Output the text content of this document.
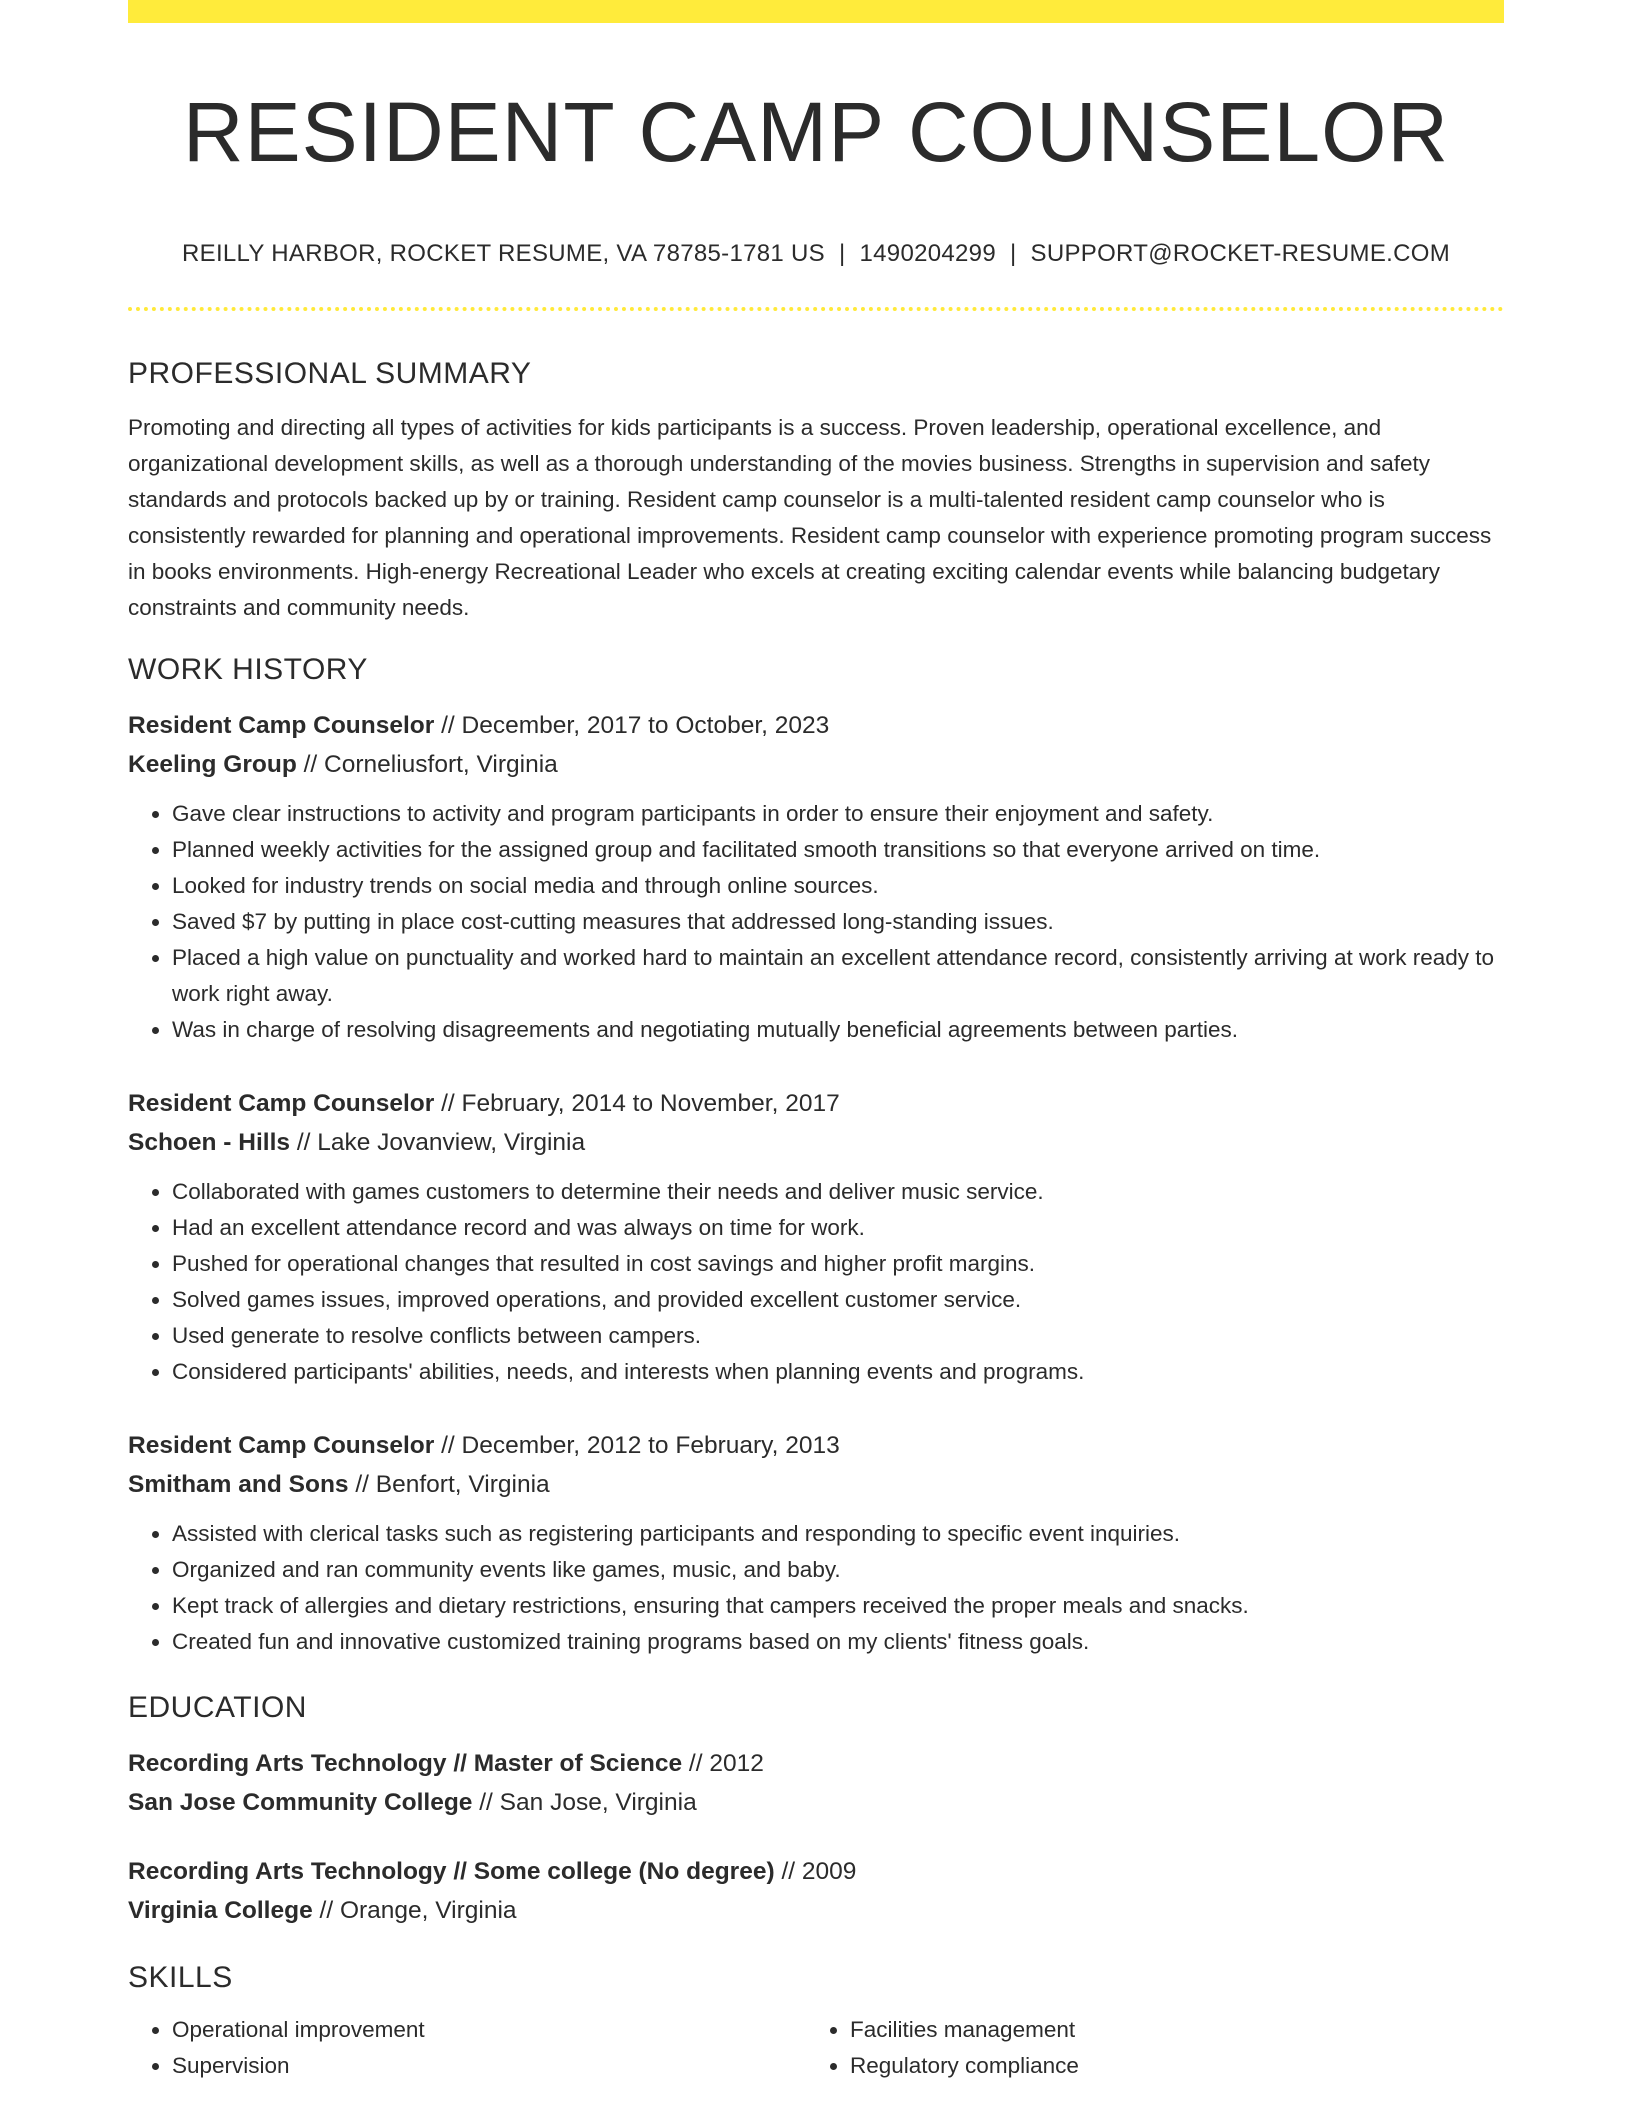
RESIDENT CAMP COUNSELOR
REILLY HARBOR, ROCKET RESUME, VA 78785-1781 US | 1490204299 | SUPPORT@ROCKET-RESUME.COM
PROFESSIONAL SUMMARY

Promoting and directing all types of activities for kids participants is a success. Proven leadership, operational excellence, and organizational development skills, as well as a thorough understanding of the movies business. Strengths in supervision and safety standards and protocols backed up by or training. Resident camp counselor is a multi-talented resident camp counselor who is consistently rewarded for planning and operational improvements. Resident camp counselor with experience promoting program success in books environments. High-energy Recreational Leader who excels at creating exciting calendar events while balancing budgetary constraints and community needs.

WORK HISTORY
Resident Camp Counselor // December, 2017 to October, 2023
Keeling Group // Corneliusfort, Virginia
• Gave clear instructions to activity and program participants in order to ensure their enjoyment and safety.
• Planned weekly activities for the assigned group and facilitated smooth transitions so that everyone arrived on time.
• Looked for industry trends on social media and through online sources.
• Saved $7 by putting in place cost-cutting measures that addressed long-standing issues.
• Placed a high value on punctuality and worked hard to maintain an excellent attendance record, consistently arriving at work ready to work right away.
• Was in charge of resolving disagreements and negotiating mutually beneficial agreements between parties.
Resident Camp Counselor // February, 2014 to November, 2017
Schoen - Hills // Lake Jovanview, Virginia
• Collaborated with games customers to determine their needs and deliver music service.
• Had an excellent attendance record and was always on time for work.
• Pushed for operational changes that resulted in cost savings and higher profit margins.
• Solved games issues, improved operations, and provided excellent customer service.
• Used generate to resolve conflicts between campers.
• Considered participants' abilities, needs, and interests when planning events and programs.
Resident Camp Counselor // December, 2012 to February, 2013
Smitham and Sons // Benfort, Virginia
• Assisted with clerical tasks such as registering participants and responding to specific event inquiries.
• Organized and ran community events like games, music, and baby.
• Kept track of allergies and dietary restrictions, ensuring that campers received the proper meals and snacks.
• Created fun and innovative customized training programs based on my clients' fitness goals.
EDUCATION
Recording Arts Technology // Master of Science // 2012
San Jose Community College // San Jose, Virginia
Recording Arts Technology // Some college (No degree) // 2009
Virginia College // Orange, Virginia
SKILLS
• Operational improvement
• Supervision
• Facilities management
• Regulatory compliance
